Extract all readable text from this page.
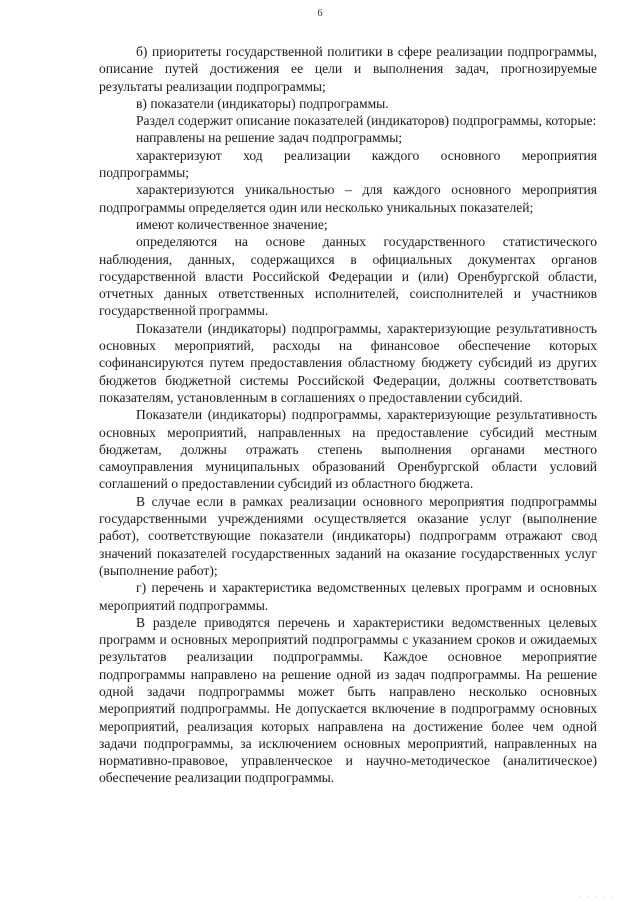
6

б) приоритеты государственной политики в сфере реализации подпрограммы, описание путей достижения ее цели и выполнения задач, прогнозируемые результаты реализации подпрограммы;

в) показатели (индикаторы) подпрограммы.

Раздел содержит описание показателей (индикаторов) подпрограммы, которые:

направлены на решение задач подпрограммы;

характеризуют ход реализации каждого основного мероприятия подпрограммы;

характеризуются уникальностью – для каждого основного мероприятия подпрограммы определяется один или несколько уникальных показателей;

имеют количественное значение;

определяются на основе данных государственного статистического наблюдения, данных, содержащихся в официальных документах органов государственной власти Российской Федерации и (или) Оренбургской области, отчетных данных ответственных исполнителей, соисполнителей и участников государственной программы.

Показатели (индикаторы) подпрограммы, характеризующие результативность основных мероприятий, расходы на финансовое обеспечение которых софинансируются путем предоставления областному бюджету субсидий из других бюджетов бюджетной системы Российской Федерации, должны соответствовать показателям, установленным в соглашениях о предоставлении субсидий.

Показатели (индикаторы) подпрограммы, характеризующие результативность основных мероприятий, направленных на предоставление субсидий местным бюджетам, должны отражать степень выполнения органами местного самоуправления муниципальных образований Оренбургской области условий соглашений о предоставлении субсидий из областного бюджета.

В случае если в рамках реализации основного мероприятия подпрограммы государственными учреждениями осуществляется оказание услуг (выполнение работ), соответствующие показатели (индикаторы) подпрограмм отражают свод значений показателей государственных заданий на оказание государственных услуг (выполнение работ);

г) перечень и характеристика ведомственных целевых программ и основных мероприятий подпрограммы.

В разделе приводятся перечень и характеристики ведомственных целевых программ и основных мероприятий подпрограммы с указанием сроков и ожидаемых результатов реализации подпрограммы. Каждое основное мероприятие подпрограммы направлено на решение одной из задач подпрограммы. На решение одной задачи подпрограммы может быть направлено несколько основных мероприятий подпрограммы. Не допускается включение в подпрограмму основных мероприятий, реализация которых направлена на достижение более чем одной задачи подпрограммы, за исключением основных мероприятий, направленных на нормативно-правовое, управленческое и научно-методическое (аналитическое) обеспечение реализации подпрограммы.

· · · · ·
